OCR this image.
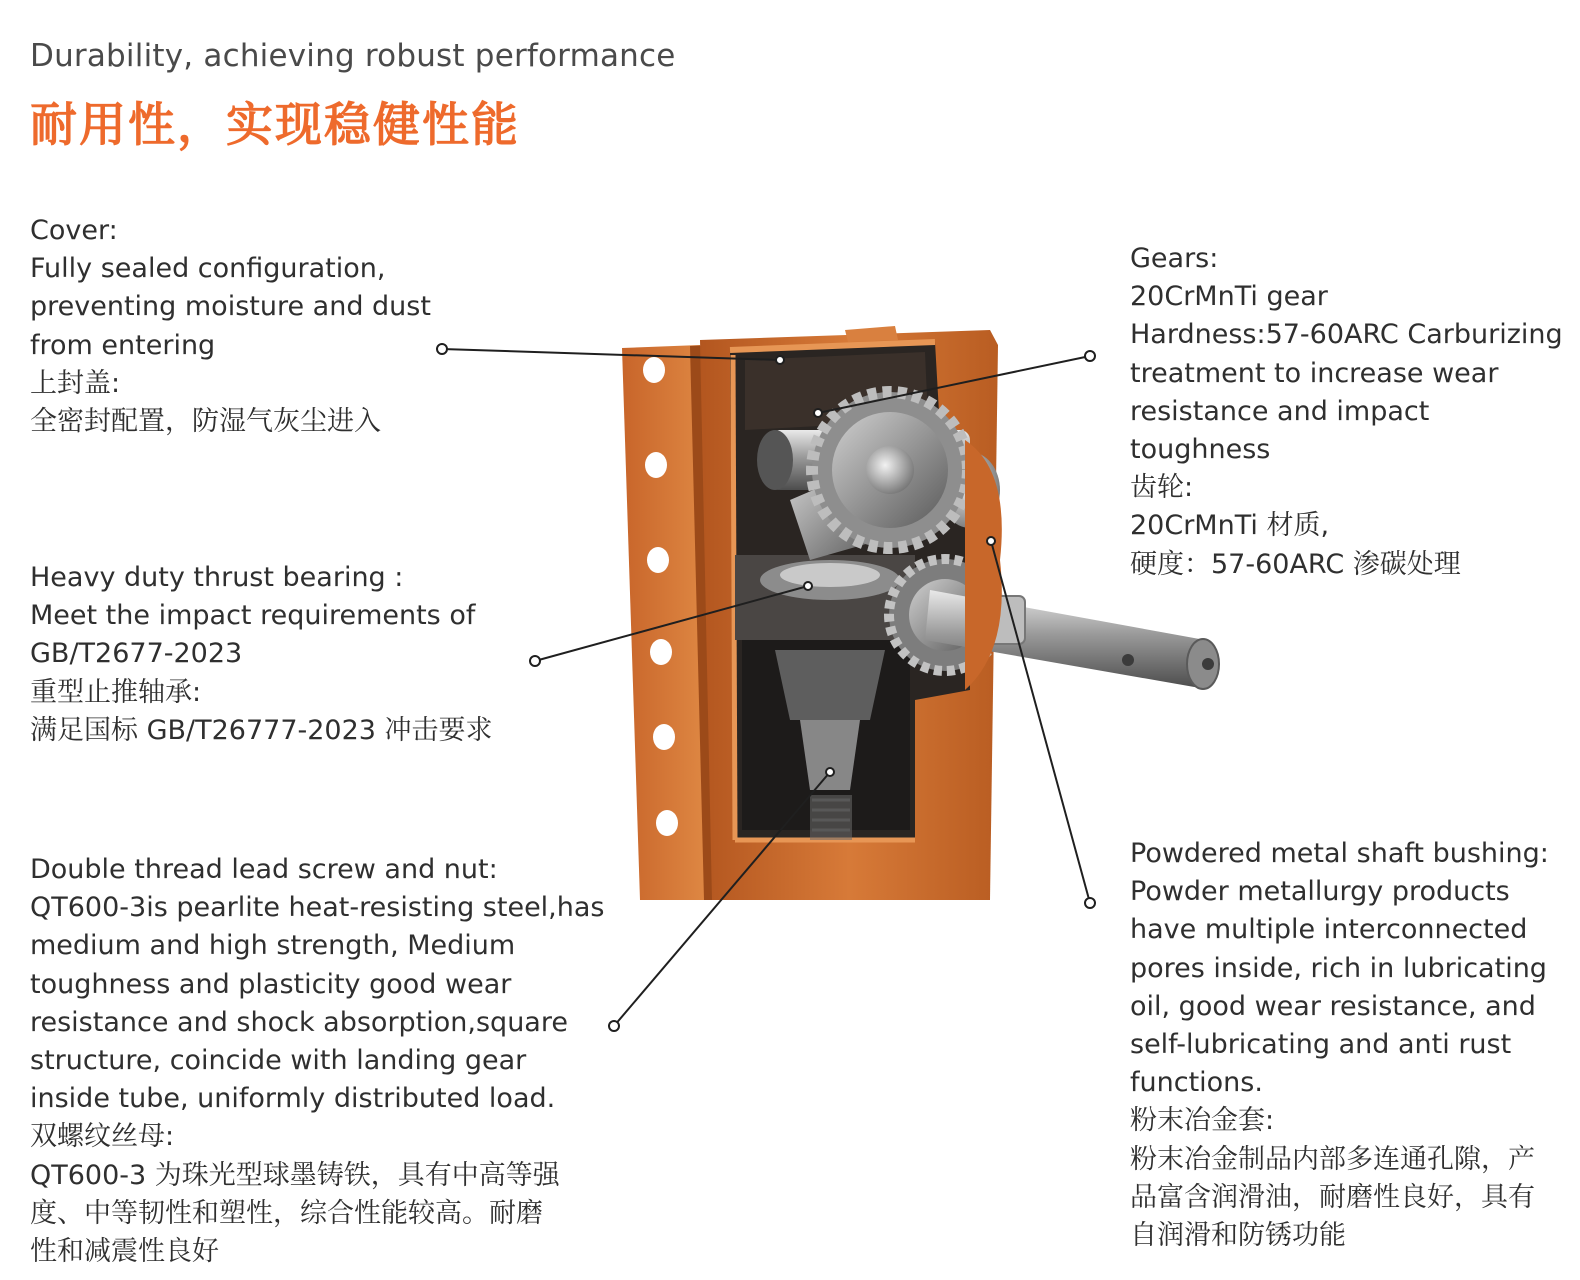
Durability, achieving robust performance
耐用性，实现稳健性能
Cover:
Fully sealed configuration,
preventing moisture and dust
from entering
上封盖:
全密封配置，防湿气灰尘进入
Heavy duty thrust bearing :
Meet the impact requirements of
GB/T2677-2023
重型止推轴承:
满足国标 GB/T26777-2023 冲击要求
Double thread lead screw and nut:
QT600-3is pearlite heat-resisting steel,has
medium and high strength, Medium
toughness and plasticity good wear
resistance and shock absorption,square
structure, coincide with landing gear
inside tube, uniformly distributed load.
双螺纹丝母:
QT600-3 为珠光型球墨铸铁，具有中高等强
度、中等韧性和塑性，综合性能较高。耐磨
性和减震性良好
Gears:
20CrMnTi gear
Hardness:57-60ARC Carburizing
treatment to increase wear
resistance and impact
toughness
齿轮:
20CrMnTi 材质,
硬度：57-60ARC 渗碳处理
Powdered metal shaft bushing:
Powder metallurgy products
have multiple interconnected
pores inside, rich in lubricating
oil, good wear resistance, and
self-lubricating and anti rust
functions.
粉末冶金套:
粉末冶金制品内部多连通孔隙，产
品富含润滑油，耐磨性良好，具有
自润滑和防锈功能
